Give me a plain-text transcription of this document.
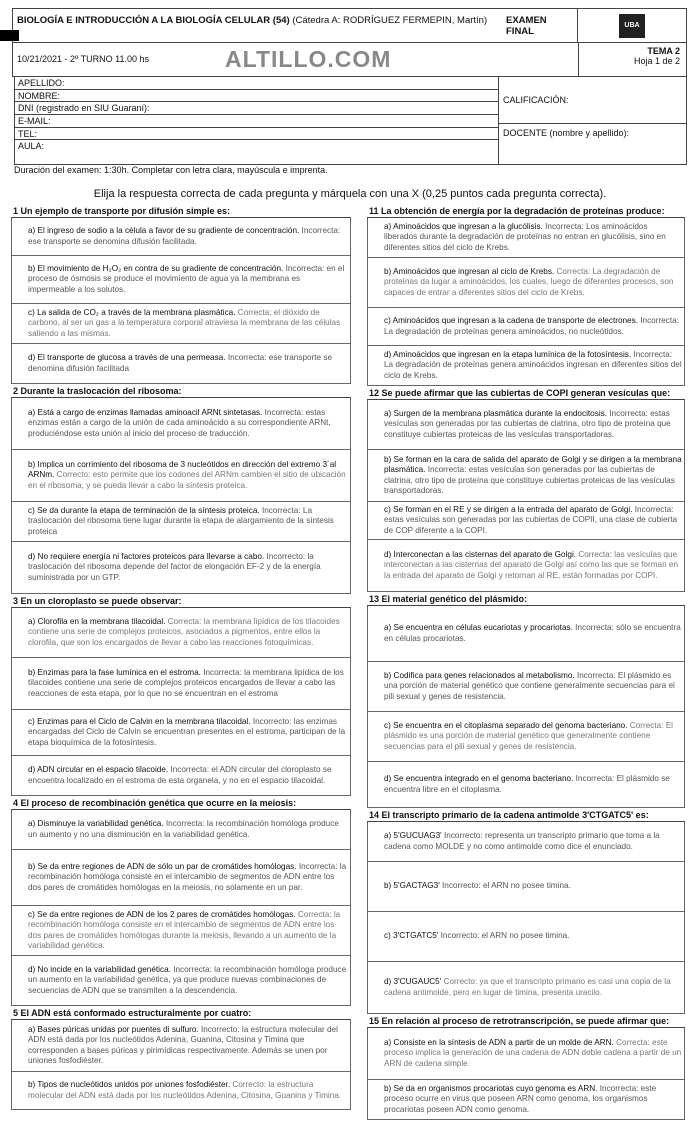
BIOLOGÍA E INTRODUCCIÓN A LA BIOLOGÍA CELULAR (54) (Cátedra A: RODRÍGUEZ FERMEPIN, Martín)	EXAMEN FINAL
UBA
10/21/2021 - 2º TURNO 11.00 hs	ALTILLO.COM	TEMA 2
Hoja 1 de 2
APELLIDO:
NOMBRE:
DNI (registrado en SIU Guaraní):
E-MAIL:
TEL:
AULA:
CALIFICACIÓN:
DOCENTE (nombre y apellido):
Duración del examen: 1:30h. Completar con letra clara, mayúscula e imprenta.
Elija la respuesta correcta de cada pregunta y márquela con una X (0,25 puntos cada pregunta correcta).
1 Un ejemplo de transporte por difusión simple es:
a) El ingreso de sodio a la célula a favor de su gradiente de concentración. Incorrecta: ese transporte se denomina difusión facilitada.
b) El movimiento de H₂O₂ en contra de su gradiente de concentración. Incorrecta: en el proceso de ósmosis se produce el movimiento de agua ya la membrana es impermeable a los solutos.
c) La salida de CO₂ a través de la membrana plasmática. Correcta: el dióxido de carbono, al ser un gas a la temperatura corporal atraviesa la membrana de las células saliendo a las mismas.
d) El transporte de glucosa a través de una permeasa. Incorrecta: ese transporte se denomina difusión facilitada
2 Durante la traslocación del ribosoma:
a) Está a cargo de enzimas llamadas aminoacil ARNt sintetasas. Incorrecta: estas enzimas están a cargo de la unión de cada aminoácido a su correspondiente ARNt, produciéndose esta unión al inicio del proceso de traducción.
b) Implica un corrimiento del ribosoma de 3 nucleótidos en dirección del extremo 3´al ARNm. Correcto: esto permite que los codones del ARNm cambien el sitio de ubicación en el ribosoma, y se pueda llevar a cabo la síntesis proteica.
c) Se da durante la etapa de terminación de la síntesis proteica. Incorrecta: La traslocación del ribosoma tiene lugar durante la etapa de alargamiento de la síntesis proteica
d) No requiere energía ni factores proteicos para llevarse a cabo. Incorrecto: la traslocación del ribosoma depende del factor de elongación EF-2 y de la energía suministrada por un GTP.
3 En un cloroplasto se puede observar:
a) Clorofila en la membrana tilacoidal. Correcta: la membrana lipídica de los tilacoides contiene una serie de complejos proteicos, asociados a pigmentos, entre ellos la clorofila, que son los encargados de llevar a cabo las reacciones fotoquímicas.
b) Enzimas para la fase lumínica en el estroma. Incorrecta: la membrana lipídica de los tilacoides contiene una serie de complejos proteicos encargados de llevar a cabo las reacciones de esta etapa, por lo que no se encuentran en el estroma
c) Enzimas para el Ciclo de Calvin en la membrana tilacoidal. Incorrecto: las enzimas encargadas del Ciclo de Calvin se encuentran presentes en el estroma, participan de la etapa bioquímica de la fotosíntesis.
d) ADN circular en el espacio tilacoide. Incorrecta: el ADN circular del cloroplasto se encuentra localizado en el estroma de esta organela, y no en el espacio tilacoidal.
4 El proceso de recombinación genética que ocurre en la meiosis:
a) Disminuye la variabilidad genética. Incorrecta: la recombinación homóloga produce un aumento y no una disminución en la variabilidad genética.
b) Se da entre regiones de ADN de sólo un par de cromátides homólogas. Incorrecta: la recombinación homóloga consiste en el intercambio de segmentos de ADN entre los dos pares de cromátides homólogas en la meiosis, no solamente en un par.
c) Se da entre regiones de ADN de los 2 pares de cromátides homólogas. Correcta: la recombinación homóloga consiste en el intercambio de segmentos de ADN entre los dos pares de cromátides homólogas durante la meiosis, llevando a un aumento de la variabilidad genética.
d) No incide en la variabilidad genética. Incorrecta: la recombinación homóloga produce un aumento en la variabilidad genética, ya que produce nuevas combinaciones de secuencias de ADN que se transmiten a la descendencia.
5 El ADN está conformado estructuralmente por cuatro:
a) Bases púricas unidas por puentes di sulfuro. Incorrecto: la estructura molecular del ADN está dada por los nucleótidos Adenina, Guanina, Citosina y Timina que corresponden a bases púricas y pirimídicas respectivamente. Además se unen por uniones fosfodiéster.
b) Tipos de nucleótidos unidos por uniones fosfodiéster. Correcto: la estructura molecular del ADN está dada por los nucleótidos Adenina, Citosina, Guanina y Timina.
11 La obtención de energía por la degradación de proteínas produce:
a) Aminoácidos que ingresan a la glucólisis. Incorrecta: Los aminoácidos liberados durante la degradación de proteínas no entran en glucólisis, sino en diferentes sitios del ciclo de Krebs.
b) Aminoácidos que ingresan al ciclo de Krebs. Correcta: La degradación de proteínas da lugar a aminoácidos, los cuales, luego de diferentes procesos, son capaces de entrar a diferentes sitios del ciclo de Krebs.
c) Aminoácidos que ingresan a la cadena de transporte de electrones. Incorrecta: La degradación de proteínas genera aminoácidos, no nucleótidos.
d) Aminoácidos que ingresan en la etapa lumínica de la fotosíntesis. Incorrecta: La degradación de proteínas genera aminoácidos ingresan en diferentes sitios del ciclo de Krebs.
12 Se puede afirmar que las cubiertas de COPI generan vesículas que:
a) Surgen de la membrana plasmática durante la endocitosis. Incorrecta: estas vesículas son generadas por las cubiertas de clatrina, otro tipo de proteína que constituye cubiertas proteicas de las vesículas transportadoras.
b) Se forman en la cara de salida del aparato de Golgi y se dirigen a la membrana plasmática. Incorrecta: estas vesículas son generadas por las cubiertas de clatrina, otro tipo de proteína que constituye cubiertas proteicas de las vesículas transportadoras.
c) Se forman en el RE y se dirigen a la entrada del aparato de Golgi. Incorrecta: estas vesículas son generadas por las cubiertas de COPII, una clase de cubierta de COP diferente a la COPI.
d) Interconectan a las cisternas del aparato de Golgi. Correcta: las vesículas que interconectan a las cisternas del aparato de Golgi así como las que se forman en la entrada del aparato de Golgi y retornan al RE, están formadas por COPI.
13 El material genético del plásmido:
a) Se encuentra en células eucariotas y procariotas. Incorrecta: sólo se encuentra en células procariotas.
b) Codifica para genes relacionados al metabolismo. Incorrecta: El plásmido es una porción de material genético que contiene generalmente secuencias para el pili sexual y genes de resistencia.
c) Se encuentra en el citoplasma separado del genoma bacteriano. Correcta: El plásmido es una porción de material genético que generalmente contiene secuencias para el pili sexual y genes de resistencia.
d) Se encuentra integrado en el genoma bacteriano. Incorrecta: El plásmido se encuentra libre en el citoplasma.
14 El transcripto primario de la cadena antimolde 3'CTGATC5' es:
a) 5'GUCUAG3' Incorrecto: representa un transcripto primario que toma a la cadena como MOLDE y no como antimolde como dice el enunciado.
b) 5'GACTAG3' Incorrecto: el ARN no posee timina.
c) 3'CTGATC5' Incorrecto: el ARN no posee timina.
d) 3'CUGAUC5' Correcto: ya que el transcripto primario es casi una copia de la cadena antimolde, pero en lugar de timina, presenta uracilo.
15 En relación al proceso de retrotranscripción, se puede afirmar que:
a) Consiste en la síntesis de ADN a partir de un molde de ARN. Correcta: este proceso implica la generación de una cadena de ADN doble cadena a partir de un ARN de cadena simple.
b) Se da en organismos procariotas cuyo genoma es ARN. Incorrecta: este proceso ocurre en virus que poseen ARN como genoma, los organismos procariotas poseen ADN como genoma.
